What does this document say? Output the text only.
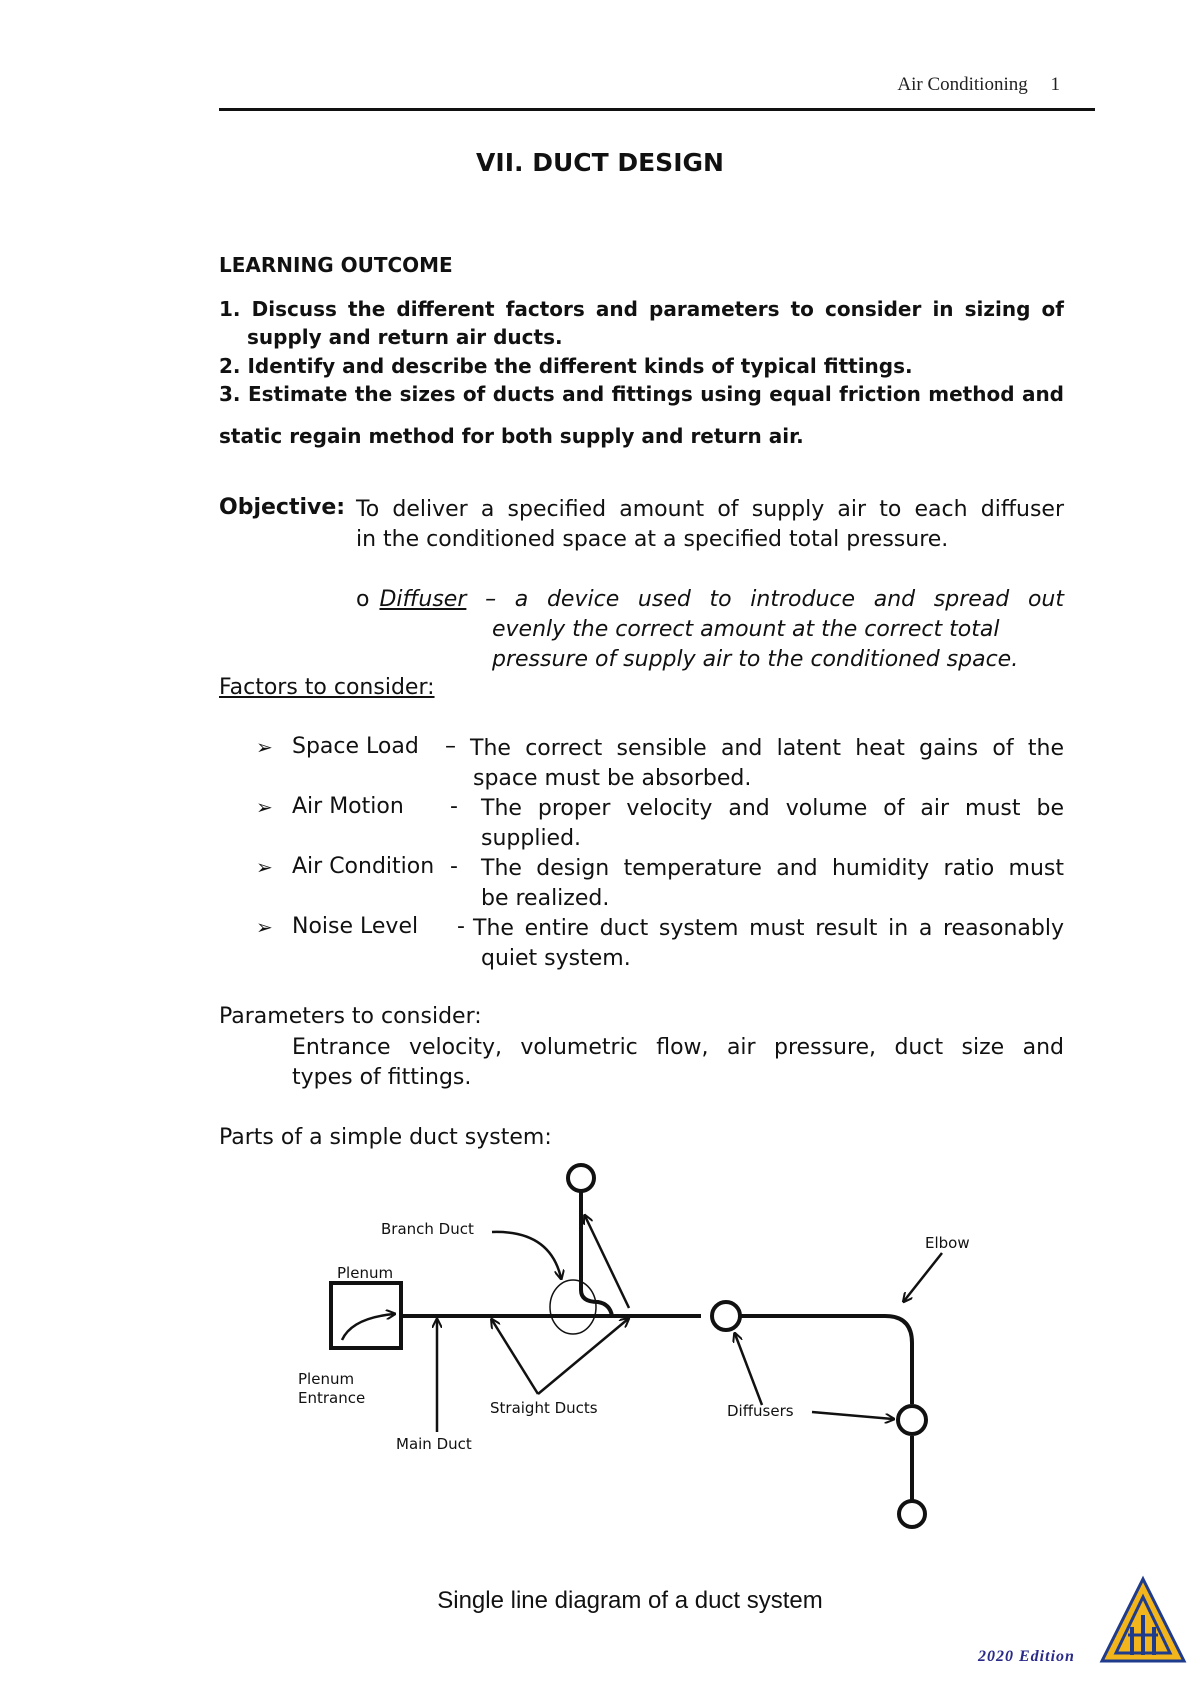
Air Conditioning 1
VII. DUCT DESIGN
LEARNING OUTCOME
1. Discuss the different factors and parameters to consider in sizing of
supply and return air ducts.
2. Identify and describe the different kinds of typical fittings.
3. Estimate the sizes of ducts and fittings using equal friction method and
static regain method for both supply and return air.
Objective: To deliver a specified amount of supply air to each diffuser
in the conditioned space at a specified total pressure.
o Diffuser – a device used to introduce and spread out
evenly the correct amount at the correct total
pressure of supply air to the conditioned space.
Factors to consider:
➢ Space Load – The correct sensible and latent heat gains of the
space must be absorbed.
➢ Air Motion - The proper velocity and volume of air must be
supplied.
➢ Air Condition - The design temperature and humidity ratio must
be realized.
➢ Noise Level - The entire duct system must result in a reasonably
quiet system.
Parameters to consider:
Entrance velocity, volumetric flow, air pressure, duct size and
types of fittings.
Parts of a simple duct system:
Branch Duct
Plenum
Plenum
Entrance
Main Duct
Straight Ducts	Diffusers
Elbow
Single line diagram of a duct system
2020 Edition
